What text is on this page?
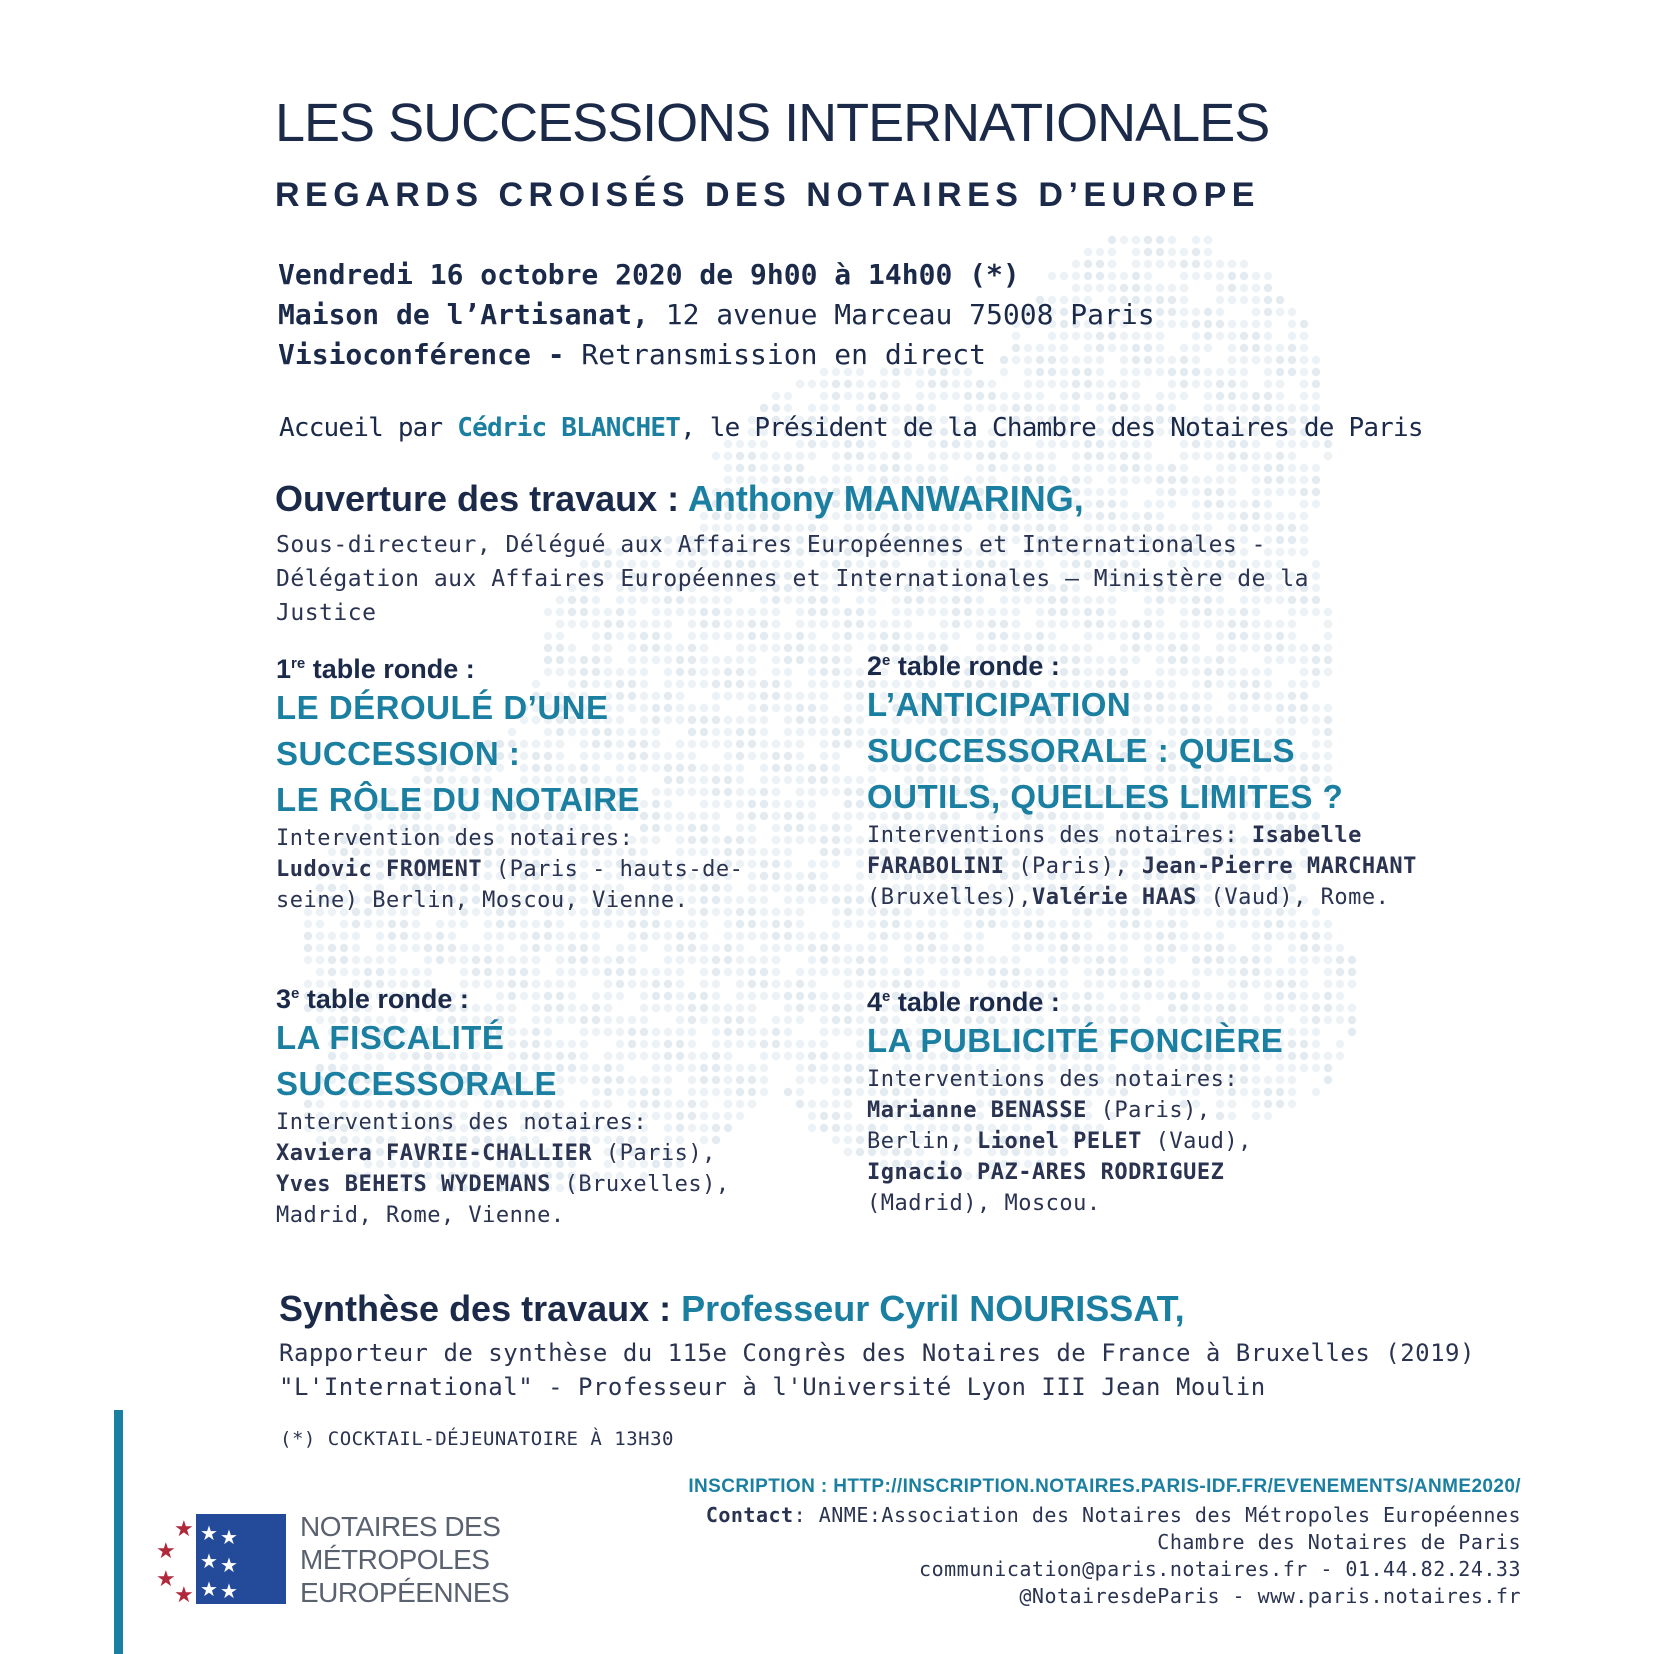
LES SUCCESSIONS INTERNATIONALES
REGARDS CROISÉS DES NOTAIRES D’EUROPE
Vendredi 16 octobre 2020 de 9h00 à 14h00 (*)
Maison de l’Artisanat, 12 avenue Marceau 75008 Paris
Visioconférence - Retransmission en direct
Accueil par Cédric BLANCHET, le Président de la Chambre des Notaires de Paris
Ouverture des travaux : Anthony MANWARING,
Sous-directeur, Délégué aux Affaires Européennes et Internationales - Délégation aux Affaires Européennes et Internationales – Ministère de la Justice
1re table ronde :
LE DÉROULÉ D’UNE
SUCCESSION :
LE RÔLE DU NOTAIRE
Intervention des notaires:
Ludovic FROMENT (Paris - hauts-de-seine) Berlin, Moscou, Vienne.
2e table ronde :
L’ANTICIPATION
SUCCESSORALE : QUELS
OUTILS, QUELLES LIMITES ?
Interventions des notaires: Isabelle FARABOLINI (Paris), Jean-Pierre MARCHANT (Bruxelles),Valérie HAAS (Vaud), Rome.
3e table ronde :
LA FISCALITÉ
SUCCESSORALE
Interventions des notaires:
Xaviera FAVRIE-CHALLIER (Paris), Yves BEHETS WYDEMANS (Bruxelles), Madrid, Rome, Vienne.
4e table ronde :
LA PUBLICITÉ FONCIÈRE
Interventions des notaires:
Marianne BENASSE (Paris), Berlin, Lionel PELET (Vaud), Ignacio PAZ-ARES RODRIGUEZ (Madrid), Moscou.
Synthèse des travaux : Professeur Cyril NOURISSAT,
Rapporteur de synthèse du 115e Congrès des Notaires de France à Bruxelles (2019) "L'International" - Professeur à l'Université Lyon III Jean Moulin
(*) COCKTAIL-DÉJEUNATOIRE À 13H30
INSCRIPTION : HTTP://INSCRIPTION.NOTAIRES.PARIS-IDF.FR/EVENEMENTS/ANME2020/
Contact: ANME:Association des Notaires des Métropoles Européennes
Chambre des Notaires de Paris
communication@paris.notaires.fr - 01.44.82.24.33
@NotairesdeParis - www.paris.notaires.fr
★
★
★
★
★ ★
★ ★
★ ★
NOTAIRES DES
MÉTROPOLES
EUROPÉENNES
